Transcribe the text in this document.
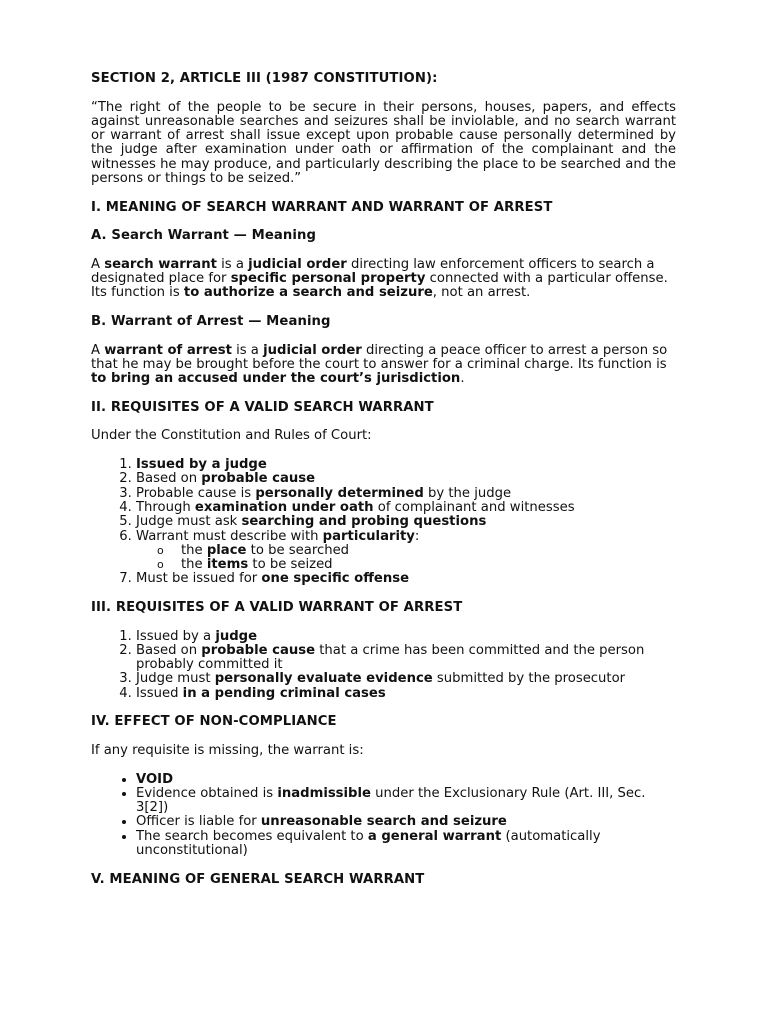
SECTION 2, ARTICLE III (1987 CONSTITUTION):

“The right of the people to be secure in their persons, houses, papers, and effects against unreasonable searches and seizures shall be inviolable, and no search warrant or warrant of arrest shall issue except upon probable cause personally determined by the judge after examination under oath or affirmation of the complainant and the witnesses he may produce, and particularly describing the place to be searched and the persons or things to be seized.”

I. MEANING OF SEARCH WARRANT AND WARRANT OF ARREST

A. Search Warrant — Meaning

A search warrant is a judicial order directing law enforcement officers to search a designated place for specific personal property connected with a particular offense. Its function is to authorize a search and seizure, not an arrest.

B. Warrant of Arrest — Meaning

A warrant of arrest is a judicial order directing a peace officer to arrest a person so that he may be brought before the court to answer for a criminal charge. Its function is to bring an accused under the court’s jurisdiction.

II. REQUISITES OF A VALID SEARCH WARRANT

Under the Constitution and Rules of Court:

1. Issued by a judge
2. Based on probable cause
3. Probable cause is personally determined by the judge
4. Through examination under oath of complainant and witnesses
5. Judge must ask searching and probing questions
6. Warrant must describe with particularity:
o the place to be searched
o the items to be seized
7. Must be issued for one specific offense

III. REQUISITES OF A VALID WARRANT OF ARREST

1. Issued by a judge
2. Based on probable cause that a crime has been committed and the person probably committed it
3. Judge must personally evaluate evidence submitted by the prosecutor
4. Issued in a pending criminal cases

IV. EFFECT OF NON-COMPLIANCE

If any requisite is missing, the warrant is:

• VOID
• Evidence obtained is inadmissible under the Exclusionary Rule (Art. III, Sec. 3[2])
• Officer is liable for unreasonable search and seizure
• The search becomes equivalent to a general warrant (automatically unconstitutional)

V. MEANING OF GENERAL SEARCH WARRANT
